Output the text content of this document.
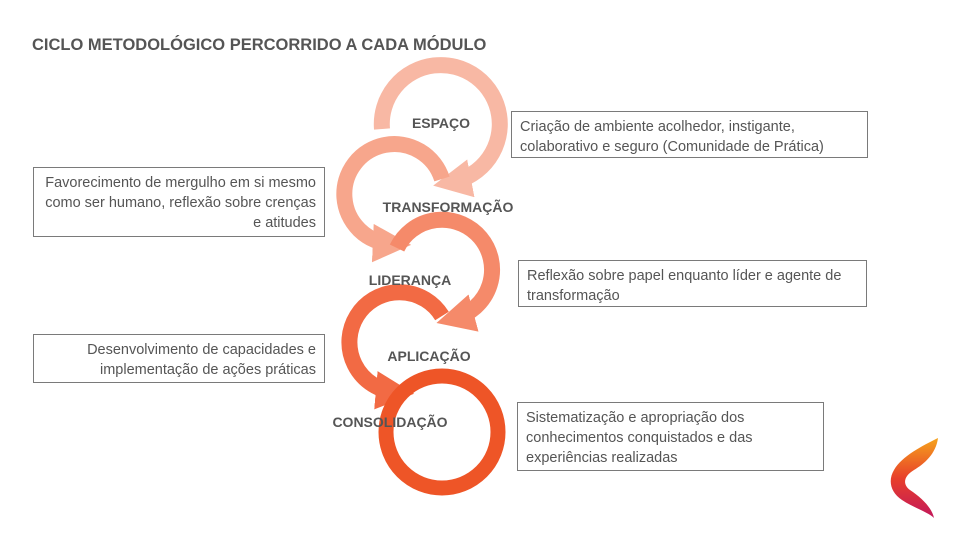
CICLO METODOLÓGICO PERCORRIDO A CADA MÓDULO
ESPAÇO
TRANSFORMAÇÃO
LIDERANÇA
APLICAÇÃO
CONSOLIDAÇÃO
Criação de ambiente acolhedor, instigante, colaborativo e seguro (Comunidade de Prática)
Favorecimento de mergulho em si mesmo como ser humano, reflexão sobre crenças e atitudes
Reflexão sobre papel enquanto líder e agente de transformação
Desenvolvimento de capacidades e implementação de ações práticas
Sistematização e apropriação dos conhecimentos conquistados e das experiências realizadas
